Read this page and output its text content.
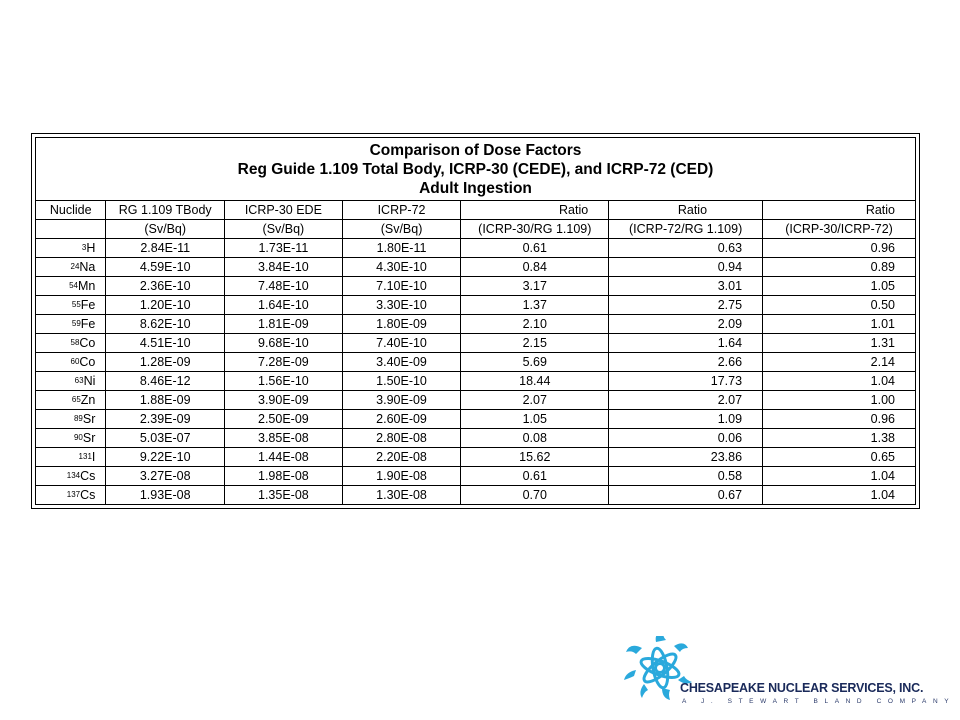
Comparison of Dose Factors
Reg Guide 1.109 Total Body, ICRP-30 (CEDE), and ICRP-72 (CED)
Adult Ingestion						

Nuclide	RG 1.109 TBody	ICRP-30 EDE	ICRP-72	Ratio	Ratio	Ratio
	(Sv/Bq)	(Sv/Bq)	(Sv/Bq)	(ICRP-30/RG 1.109)	(ICRP-72/RG 1.109)	(ICRP-30/ICRP-72)
$^3$H	2.84E-11	1.73E-11	1.80E-11	0.61	0.63	0.96
$^{24}$Na	4.59E-10	3.84E-10	4.30E-10	0.84	0.94	0.89
$^{54}$Mn	2.36E-10	7.48E-10	7.10E-10	3.17	3.01	1.05
$^{55}$Fe	1.20E-10	1.64E-10	3.30E-10	1.37	2.75	0.50
$^{59}$Fe	8.62E-10	1.81E-09	1.80E-09	2.10	2.09	1.01
$^{58}$Co	4.51E-10	9.68E-10	7.40E-10	2.15	1.64	1.31
$^{60}$Co	1.28E-09	7.28E-09	3.40E-09	5.69	2.66	2.14
$^{63}$Ni	8.46E-12	1.56E-10	1.50E-10	18.44	17.73	1.04
$^{65}$Zn	1.88E-09	3.90E-09	3.90E-09	2.07	2.07	1.00
$^{89}$Sr	2.39E-09	2.50E-09	2.60E-09	1.05	1.09	0.96
$^{90}$Sr	5.03E-07	3.85E-08	2.80E-08	0.08	0.06	1.38
$^{131}$I	9.22E-10	1.44E-08	2.20E-08	15.62	23.86	0.65
$^{134}$Cs	3.27E-08	1.98E-08	1.90E-08	0.61	0.58	1.04
$^{137}$Cs	1.93E-08	1.35E-08	1.30E-08	0.70	0.67	1.04
CHESAPEAKE NUCLEAR SERVICES, INC.
A J. STEWART BLAND COMPANY
